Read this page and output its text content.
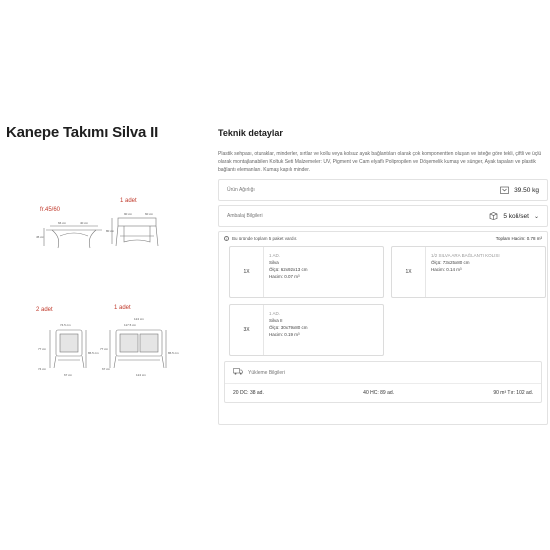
Kanepe Takımı Silva II
fr.45/60
1 adet
2 adet	1 adet
66 cm	40 cm
45 cm
90 cm	60 cm
80 cm
74.5 cm
77 cm
86.5 cm
67 cm
74 cm
124 cm
117.5 cm
77 cm
86.5 cm
67 cm
124 cm
Teknik detaylar
Plastik sehpası, oturaklar, minderler, sırtlar ve kollu veya kolsuz ayak bağlantıları olarak çok komponentten oluşan ve isteğe göre tekli, çiftli ve üçlü olarak montajlanabilen Koltuk Seti Malzemeler: UV, Pigment ve Cam elyaflı Polipropilen ve Döşemelik kumaş ve sünger, Ayak tapaları ve plastik bağlantı elemanları. Kumaş kapılı minder.
Ürün Ağırlığı	39.50 kg
Ambalaj Bilgileri	5 koli/set ⌄
i	Bu üründe toplam 5 paket vardır.	Toplam Hacim: 0.78 m³
1X
1 AD.
Silva
Ölçü: 62x92x13 cm
Hacim: 0.07 m³
1X
1/2 SILVA ARA BAĞLANTI KOLISI
Ölçü: 73x25x80 cm
Hacim: 0.14 m³
3X
1 AD.
Silva II
Ölçü: 30x79x80 cm
Hacim: 0.19 m³
Yükleme Bilgileri
20 DC: 38 ad.	40 HC: 89 ad.	90 m³ Tır: 102 ad.
